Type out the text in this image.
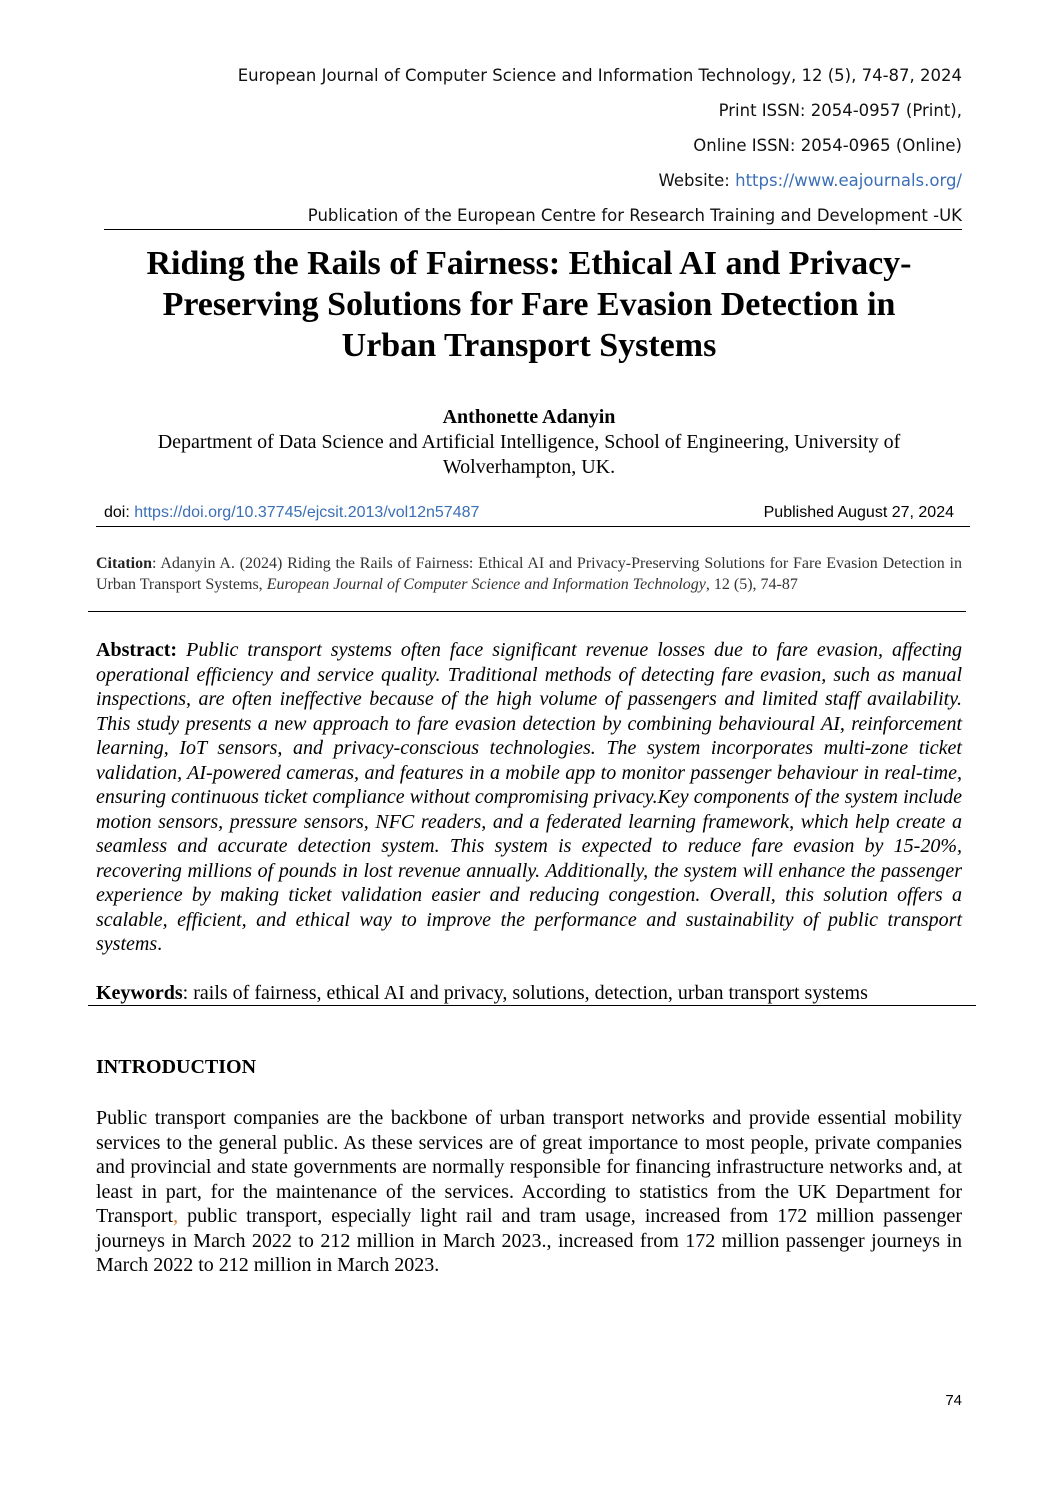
European Journal of Computer Science and Information Technology, 12 (5), 74-87, 2024
Print ISSN: 2054-0957 (Print),
Online ISSN: 2054-0965 (Online)
Website: https://www.eajournals.org/
Publication of the European Centre for Research Training and Development -UK
Riding the Rails of Fairness: Ethical AI and Privacy-
Preserving Solutions for Fare Evasion Detection in
Urban Transport Systems
Anthonette Adanyin
Department of Data Science and Artificial Intelligence, School of Engineering, University of Wolverhampton, UK.
doi: https://doi.org/10.37745/ejcsit.2013/vol12n57487	Published August 27, 2024
Citation: Adanyin A. (2024) Riding the Rails of Fairness: Ethical AI and Privacy-Preserving Solutions for Fare Evasion Detection in Urban Transport Systems, European Journal of Computer Science and Information Technology, 12 (5), 74-87
Abstract: Public transport systems often face significant revenue losses due to fare evasion, affecting operational efficiency and service quality. Traditional methods of detecting fare evasion, such as manual inspections, are often ineffective because of the high volume of passengers and limited staff availability. This study presents a new approach to fare evasion detection by combining behavioural AI, reinforcement learning, IoT sensors, and privacy-conscious technologies. The system incorporates multi-zone ticket validation, AI-powered cameras, and features in a mobile app to monitor passenger behaviour in real-time, ensuring continuous ticket compliance without compromising privacy.Key components of the system include motion sensors, pressure sensors, NFC readers, and a federated learning framework, which help create a seamless and accurate detection system. This system is expected to reduce fare evasion by 15-20%, recovering millions of pounds in lost revenue annually. Additionally, the system will enhance the passenger experience by making ticket validation easier and reducing congestion. Overall, this solution offers a scalable, efficient, and ethical way to improve the performance and sustainability of public transport systems.
Keywords: rails of fairness, ethical AI and privacy, solutions, detection, urban transport systems
INTRODUCTION
Public transport companies are the backbone of urban transport networks and provide essential mobility services to the general public. As these services are of great importance to most people, private companies and provincial and state governments are normally responsible for financing infrastructure networks and, at least in part, for the maintenance of the services. According to statistics from the UK Department for Transport, public transport, especially light rail and tram usage, increased from 172 million passenger journeys in March 2022 to 212 million in March 2023., increased from 172 million passenger journeys in March 2022 to 212 million in March 2023.
74
